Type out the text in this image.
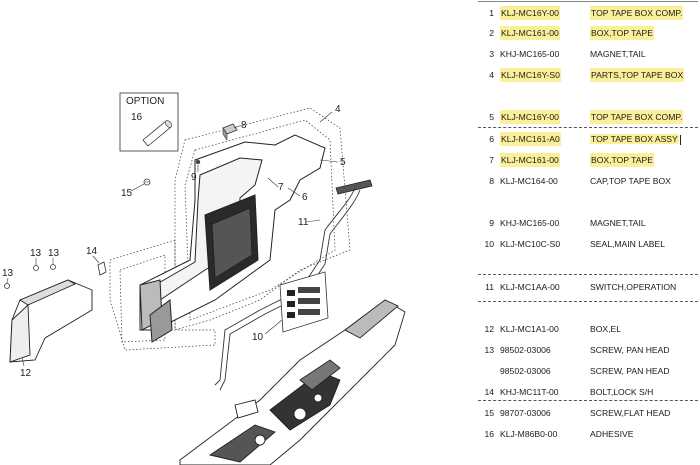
OPTION
16
4
5
6
7
8
9
10
11
12
13 13
13
14
15
1 KLJ-MC16Y-00	TOP TAPE BOX COMP.
2 KLJ-MC161-00	BOX,TOP TAPE
3 KHJ-MC165-00	MAGNET,TAIL
4 KLJ-MC16Y-S0	PARTS,TOP TAPE BOX
5 KLJ-MC16Y-00	TOP TAPE BOX COMP.
6 KLJ-MC161-A0	TOP TAPE BOX ASSY
7 KLJ-MC161-00	BOX,TOP TAPE
8 KLJ-MC164-00	CAP,TOP TAPE BOX
9 KHJ-MC165-00	MAGNET,TAIL
10 KLJ-MC10C-S0	SEAL,MAIN LABEL
11 KLJ-MC1AA-00	SWITCH,OPERATION
12 KLJ-MC1A1-00	BOX,EL
13 98502-03006	SCREW, PAN HEAD
98502-03006	SCREW, PAN HEAD
14 KHJ-MC11T-00	BOLT,LOCK S/H
15 98707-03006	SCREW,FLAT HEAD
16 KLJ-M86B0-00	ADHESIVE
